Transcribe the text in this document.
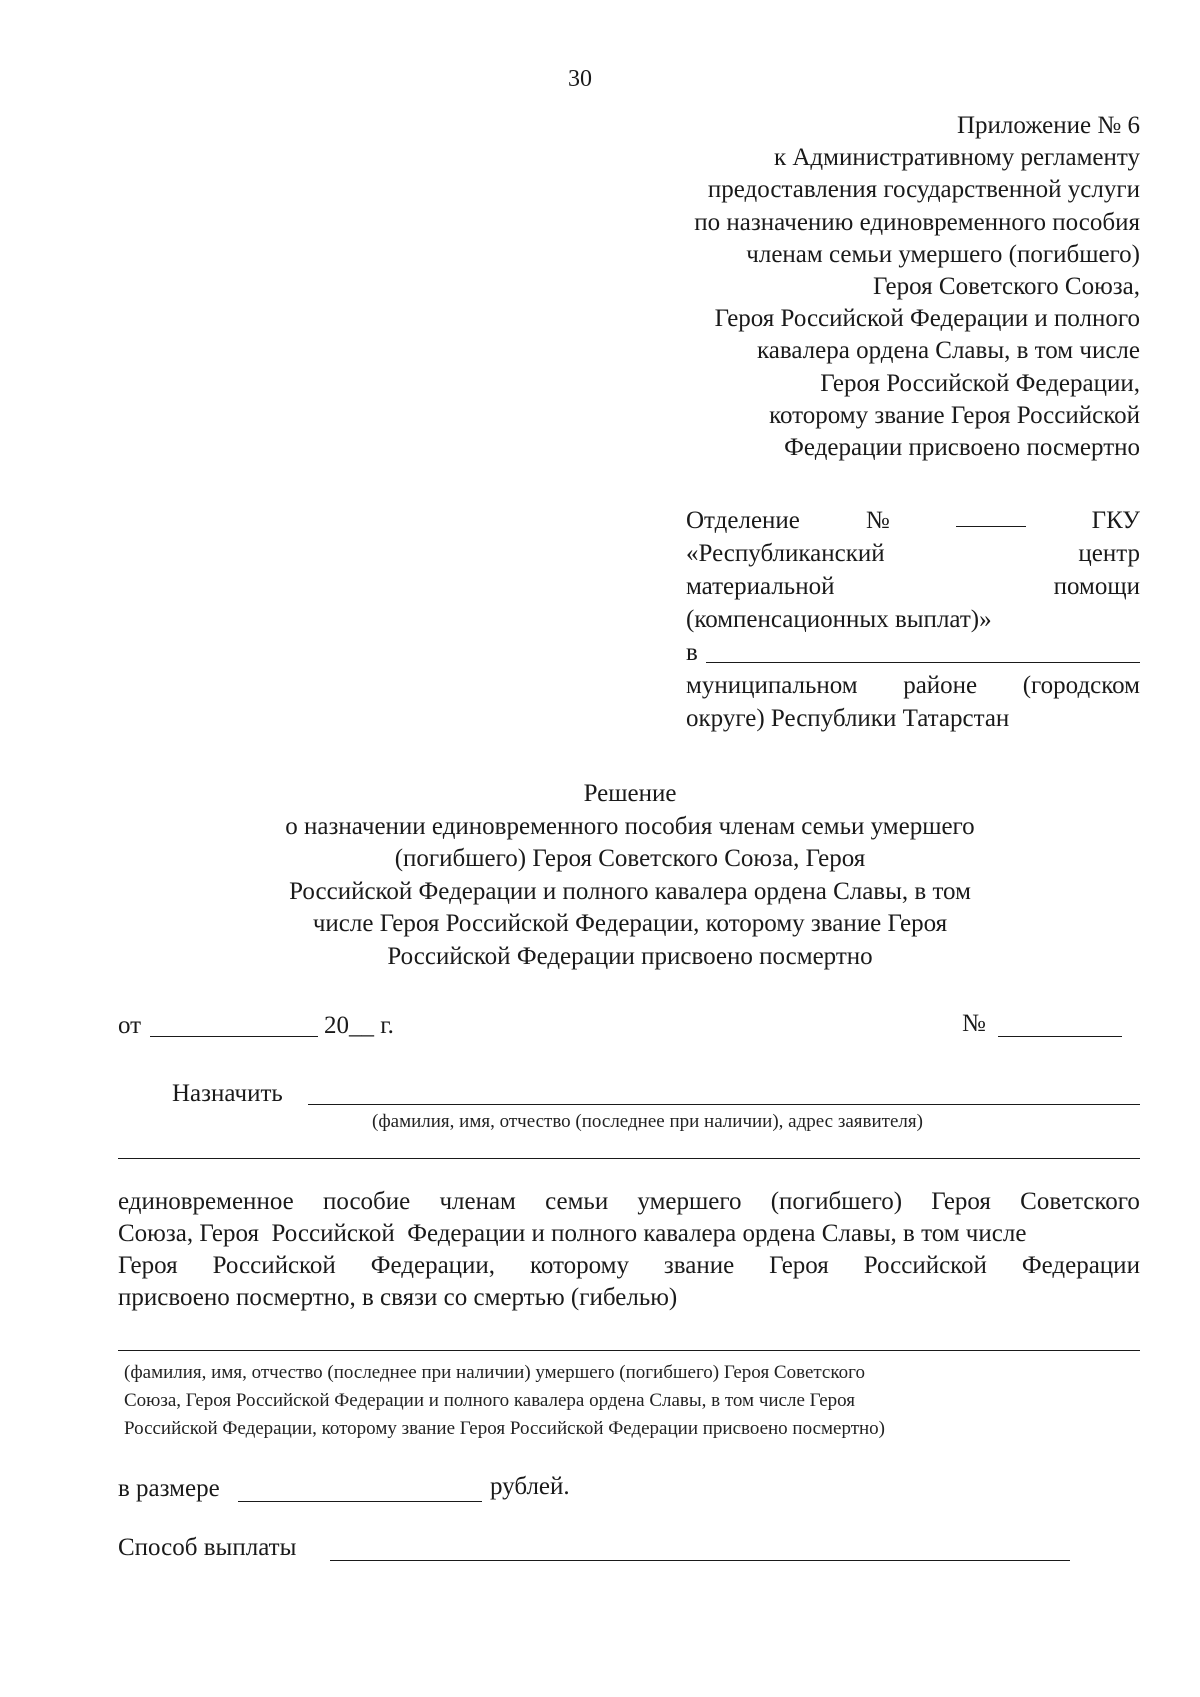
30
Приложение № 6
к Административному регламенту
предоставления государственной услуги
по назначению единовременного пособия
членам семьи умершего (погибшего)
Героя Советского Союза,
Героя Российской Федерации и полного
кавалера ордена Славы, в том числе
Героя Российской Федерации,
которому звание Героя Российской
Федерации присвоено посмертно
Отделение	№	ГКУ
«Республиканский	центр
материальной	помощи
(компенсационных выплат)»
в
муниципальном районе (городском
округе) Республики Татарстан
Решение
о назначении единовременного пособия членам семьи умершего
(погибшего) Героя Советского Союза, Героя
Российской Федерации и полного кавалера ордена Славы, в том
числе Героя Российской Федерации, которому звание Героя
Российской Федерации присвоено посмертно
от	20__ г.	№
Назначить
(фамилия, имя, отчество (последнее при наличии), адрес заявителя)
единовременное пособие членам семьи умершего (погибшего) Героя Советского
Союза, Героя  Российской  Федерации и полного кавалера ордена Славы, в том числе
Героя Российской Федерации, которому звание Героя Российской Федерации
присвоено посмертно, в связи со смертью (гибелью)
(фамилия, имя, отчество (последнее при наличии) умершего (погибшего) Героя Советского
Союза, Героя Российской Федерации и полного кавалера ордена Славы, в том числе Героя
Российской Федерации, которому звание Героя Российской Федерации присвоено посмертно)
в размере	рублей.
Способ выплаты
